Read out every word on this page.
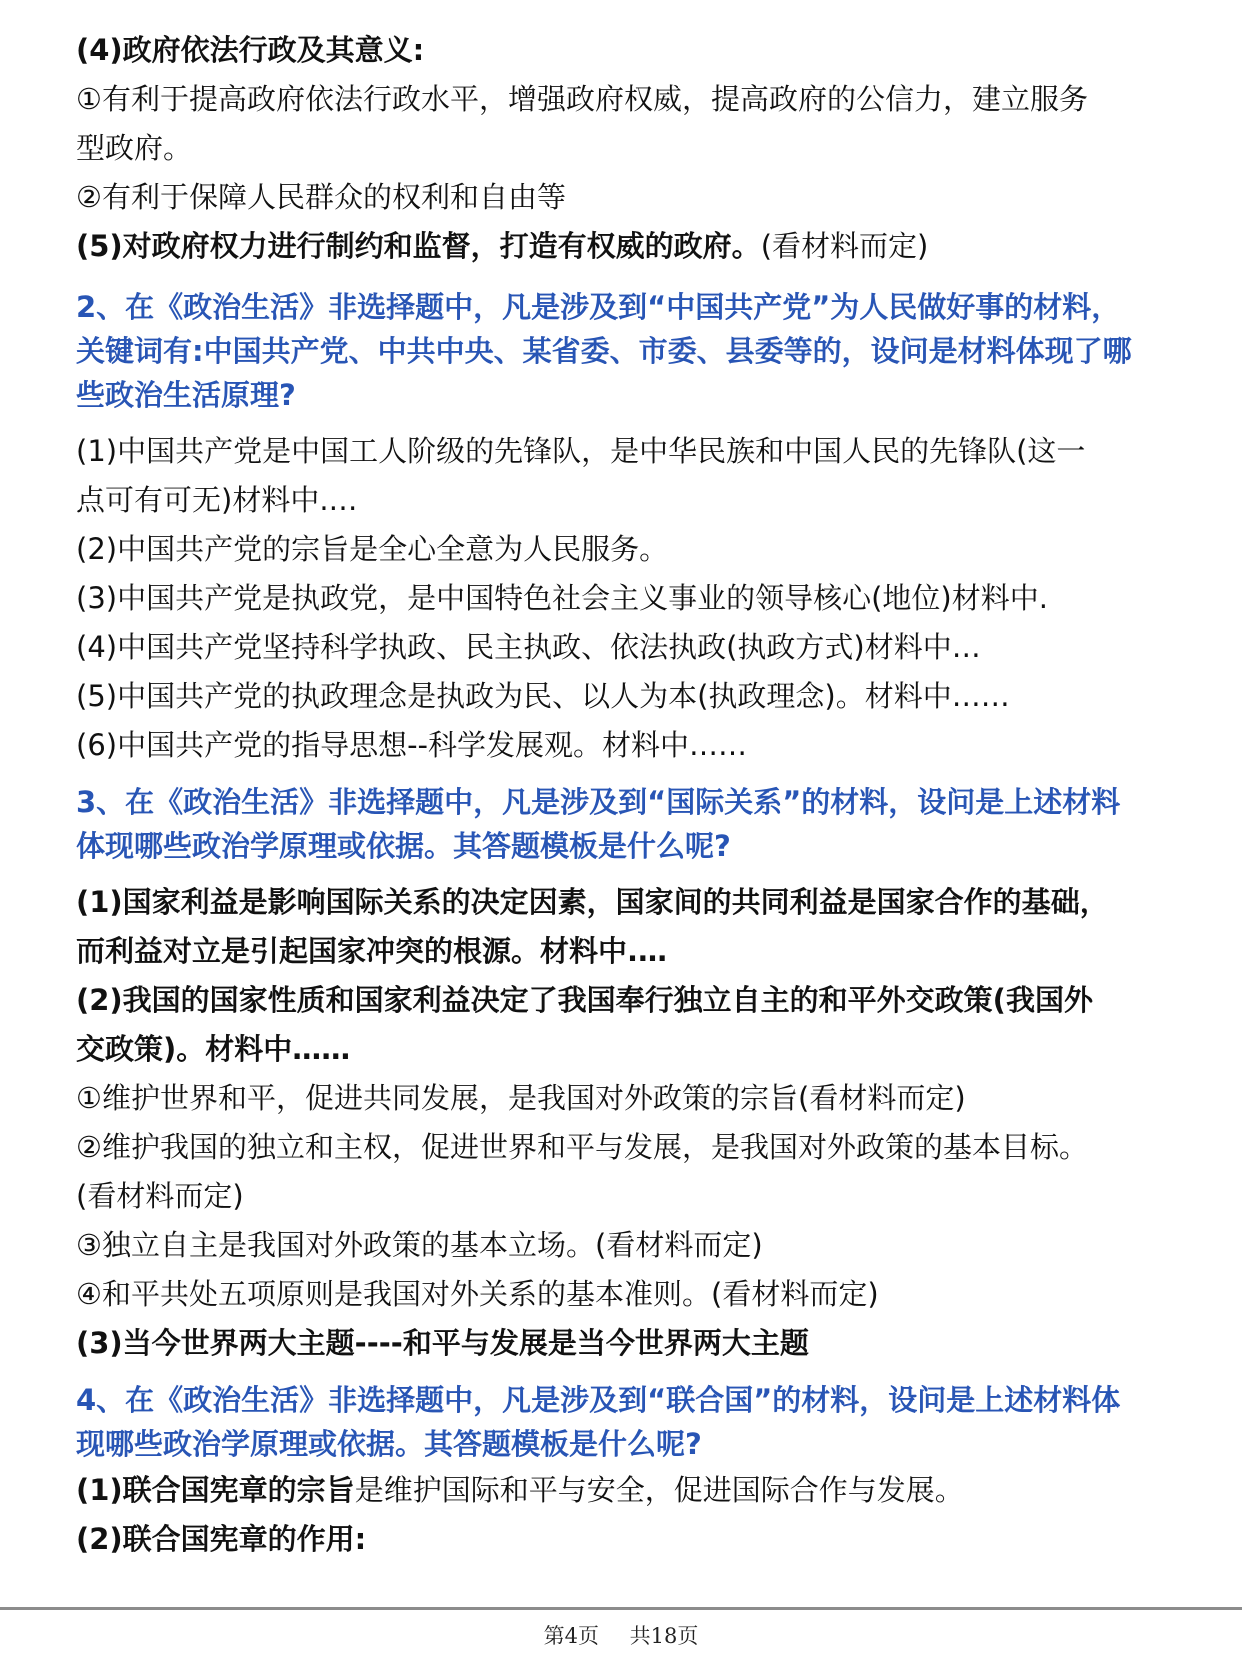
(4)政府依法行政及其意义:
①有利于提高政府依法行政水平，增强政府权威，提高政府的公信力，建立服务
型政府。
②有利于保障人民群众的权利和自由等
(5)对政府权力进行制约和监督，打造有权威的政府。(看材料而定)
2、在《政治生活》非选择题中，凡是涉及到“中国共产党”为人民做好事的材料，
关键词有:中国共产党、中共中央、某省委、市委、县委等的，设问是材料体现了哪
些政治生活原理?
(1)中国共产党是中国工人阶级的先锋队，是中华民族和中国人民的先锋队(这一
点可有可无)材料中.…
(2)中国共产党的宗旨是全心全意为人民服务。
(3)中国共产党是执政党，是中国特色社会主义事业的领导核心(地位)材料中.
(4)中国共产党坚持科学执政、民主执政、依法执政(执政方式)材料中…
(5)中国共产党的执政理念是执政为民、以人为本(执政理念)。材料中……
(6)中国共产党的指导思想--科学发展观。材料中……
3、在《政治生活》非选择题中，凡是涉及到“国际关系”的材料，设问是上述材料
体现哪些政治学原理或依据。其答题模板是什么呢?
(1)国家利益是影响国际关系的决定因素，国家间的共同利益是国家合作的基础，
而利益对立是引起国家冲突的根源。材料中.…
(2)我国的国家性质和国家利益决定了我国奉行独立自主的和平外交政策(我国外
交政策)。材料中……
①维护世界和平，促进共同发展，是我国对外政策的宗旨(看材料而定)
②维护我国的独立和主权，促进世界和平与发展，是我国对外政策的基本目标。
(看材料而定)
③独立自主是我国对外政策的基本立场。(看材料而定)
④和平共处五项原则是我国对外关系的基本准则。(看材料而定)
(3)当今世界两大主题----和平与发展是当今世界两大主题
4、在《政治生活》非选择题中，凡是涉及到“联合国”的材料，设问是上述材料体
现哪些政治学原理或依据。其答题模板是什么呢?
(1)联合国宪章的宗旨是维护国际和平与安全，促进国际合作与发展。
(2)联合国宪章的作用:
第4页 共18页
